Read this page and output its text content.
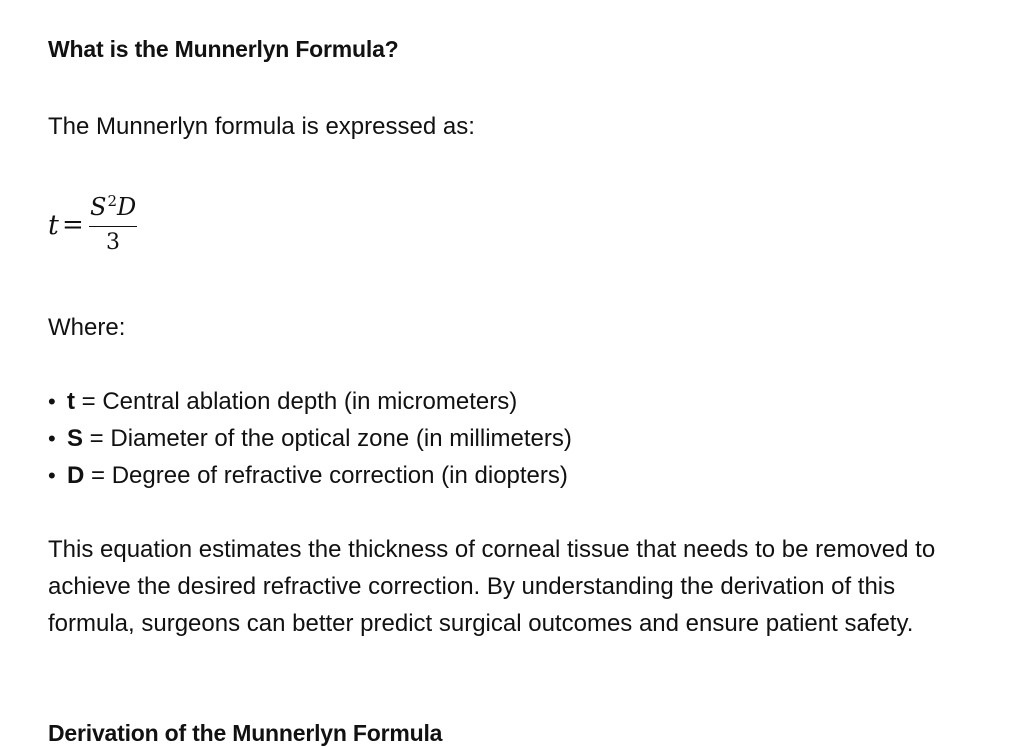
What is the Munnerlyn Formula?
The Munnerlyn formula is expressed as:
t =
$S^2D$
3
Where:
• t = Central ablation depth (in micrometers)
• S = Diameter of the optical zone (in millimeters)
• D = Degree of refractive correction (in diopters)
This equation estimates the thickness of corneal tissue that needs to be removed to achieve the desired refractive correction. By understanding the derivation of this formula, surgeons can better predict surgical outcomes and ensure patient safety.
Derivation of the Munnerlyn Formula
